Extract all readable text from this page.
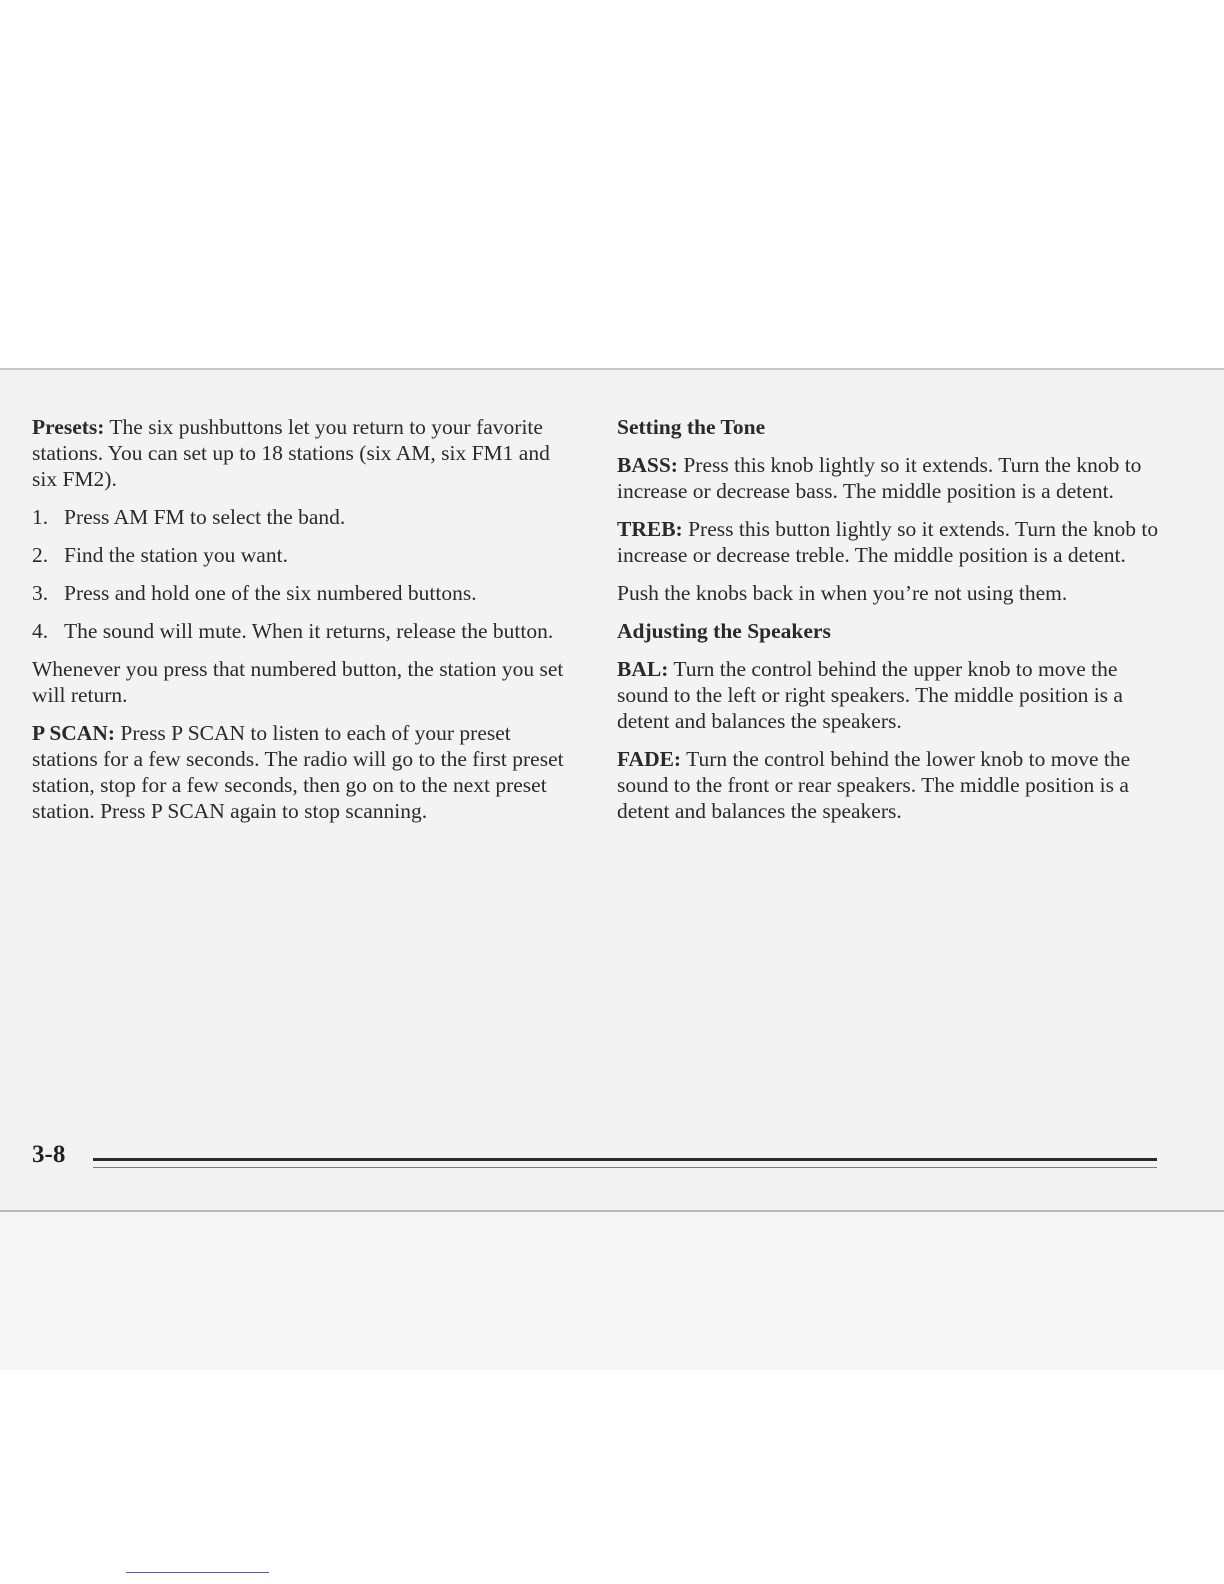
Presets: The six pushbuttons let you return to your favorite stations. You can set up to 18 stations (six AM, six FM1 and six FM2).

1. Press AM FM to select the band.
2. Find the station you want.
3. Press and hold one of the six numbered buttons.
4. The sound will mute. When it returns, release the button.

Whenever you press that numbered button, the station you set will return.

P SCAN: Press P SCAN to listen to each of your preset stations for a few seconds. The radio will go to the first preset station, stop for a few seconds, then go on to the next preset station. Press P SCAN again to stop scanning.

Setting the Tone

BASS: Press this knob lightly so it extends. Turn the knob to increase or decrease bass. The middle position is a detent.

TREB: Press this button lightly so it extends. Turn the knob to increase or decrease treble. The middle position is a detent.

Push the knobs back in when you’re not using them.

Adjusting the Speakers

BAL: Turn the control behind the upper knob to move the sound to the left or right speakers. The middle position is a detent and balances the speakers.

FADE: Turn the control behind the lower knob to move the sound to the front or rear speakers. The middle position is a detent and balances the speakers.

3-8
